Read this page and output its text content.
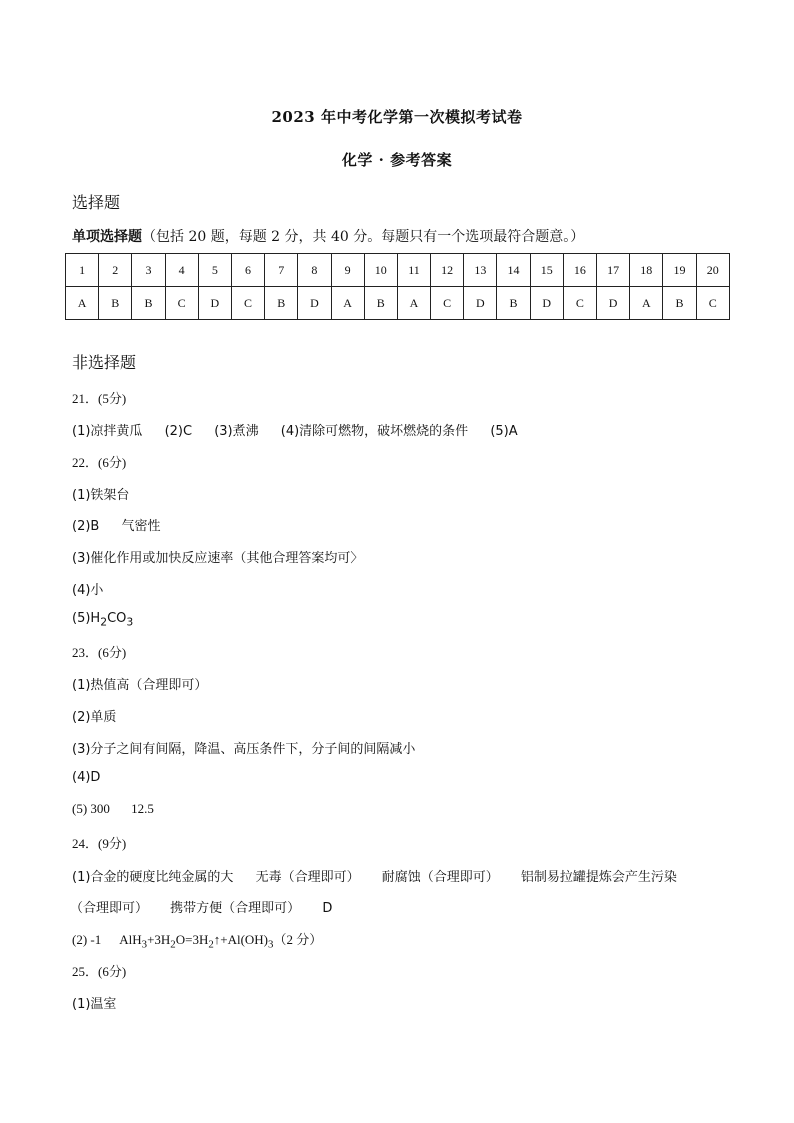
2023 年中考化学第一次模拟考试卷
化学 · 参考答案
选择题
单项选择题（包括 20 题，每题 2 分，共 40 分。每题只有一个选项最符合题意。）
1	2	3	4	5	6	7	8	9	10	11	12	13	14	15	16	17	18	19	20
A	B	B	C	D	C	B	D	A	B	A	C	D	B	D	C	D	A	B	C
非选择题
21．(5分)
(1)凉拌黄瓜 (2)C (3)煮沸 (4)清除可燃物，破坏燃烧的条件 (5)A
22．(6分)
(1)铁架台
(2)B 气密性
(3)催化作用或加快反应速率（其他合理答案均可〉
(4)小
$(5)H_2CO_3$
23．(6分)
(1)热值高（合理即可）
(2)单质
(3)分子之间有间隔，降温、高压条件下，分子间的间隔减小
(4)D
(5) 300 12.5
24．(9分)
(1)合金的硬度比纯金属的大 无毒（合理即可） 耐腐蚀（合理即可） 铝制易拉罐提炼会产生污染
（合理即可） 携带方便（合理即可） D
(2) -1 $AlH_3+3H_2O=3H_2↑+Al(OH)_3(2$ 分）
25．(6分)
(1)温室
